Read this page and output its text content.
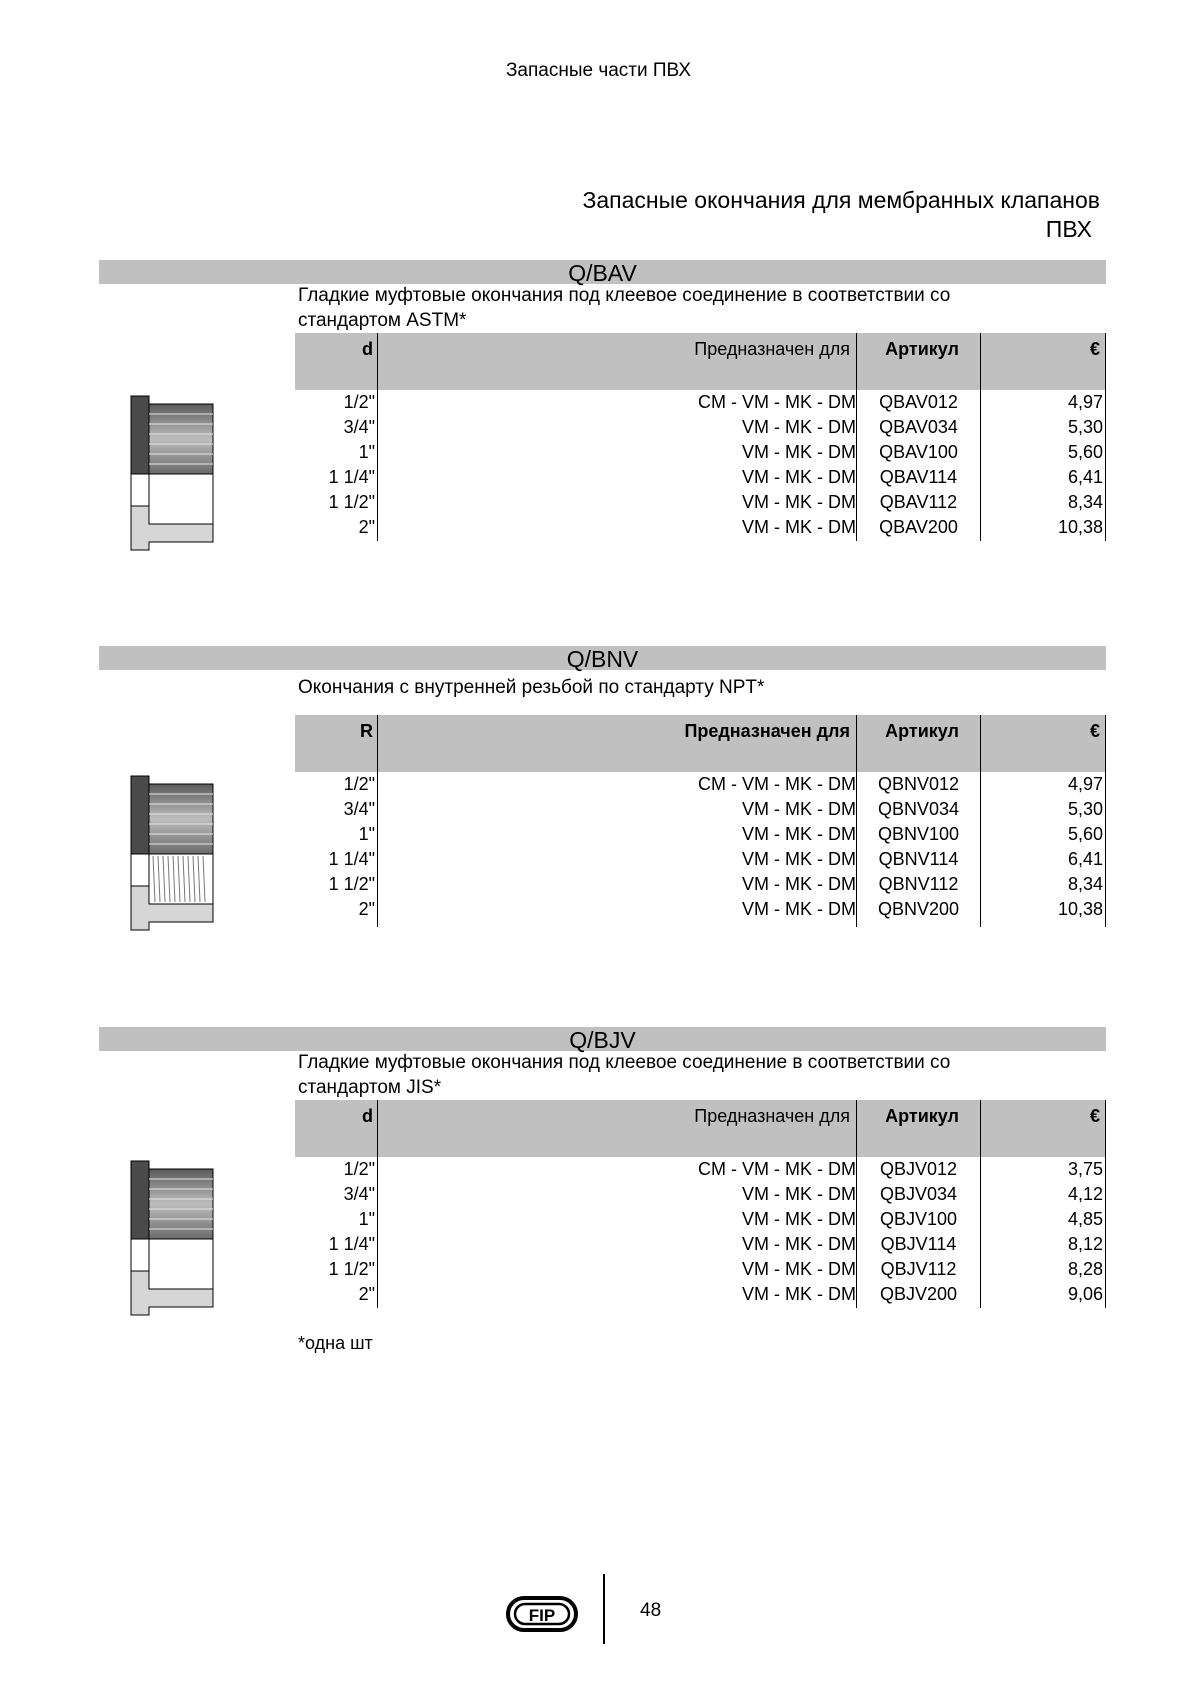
Запасные части ПВХ
Запасные окончания для мембранных клапанов
ПВХ
Q/BAV
Гладкие муфтовые окончания под клеевое соединение в соответствии со
стандартом ASTM*
d	Предназначен для	Артикул	€
1/2"	CM - VM - MK - DM	QBAV012	4,97
3/4"	VM - MK - DM	QBAV034	5,30
1"	VM - MK - DM	QBAV100	5,60
1 1/4"	VM - MK - DM	QBAV114	6,41
1 1/2"	VM - MK - DM	QBAV112	8,34
2"	VM - MK - DM	QBAV200	10,38
Q/BNV
Окончания с внутренней резьбой по стандарту NPT*
R	Предназначен для	Артикул	€
1/2"	CM - VM - MK - DM	QBNV012	4,97
3/4"	VM - MK - DM	QBNV034	5,30
1"	VM - MK - DM	QBNV100	5,60
1 1/4"	VM - MK - DM	QBNV114	6,41
1 1/2"	VM - MK - DM	QBNV112	8,34
2"	VM - MK - DM	QBNV200	10,38
Q/BJV
Гладкие муфтовые окончания под клеевое соединение в соответствии со
стандартом JIS*
d	Предназначен для	Артикул	€
1/2"	CM - VM - MK - DM	QBJV012	3,75
3/4"	VM - MK - DM	QBJV034	4,12
1"	VM - MK - DM	QBJV100	4,85
1 1/4"	VM - MK - DM	QBJV114	8,12
1 1/2"	VM - MK - DM	QBJV112	8,28
2"	VM - MK - DM	QBJV200	9,06
*одна шт
FIP	48
